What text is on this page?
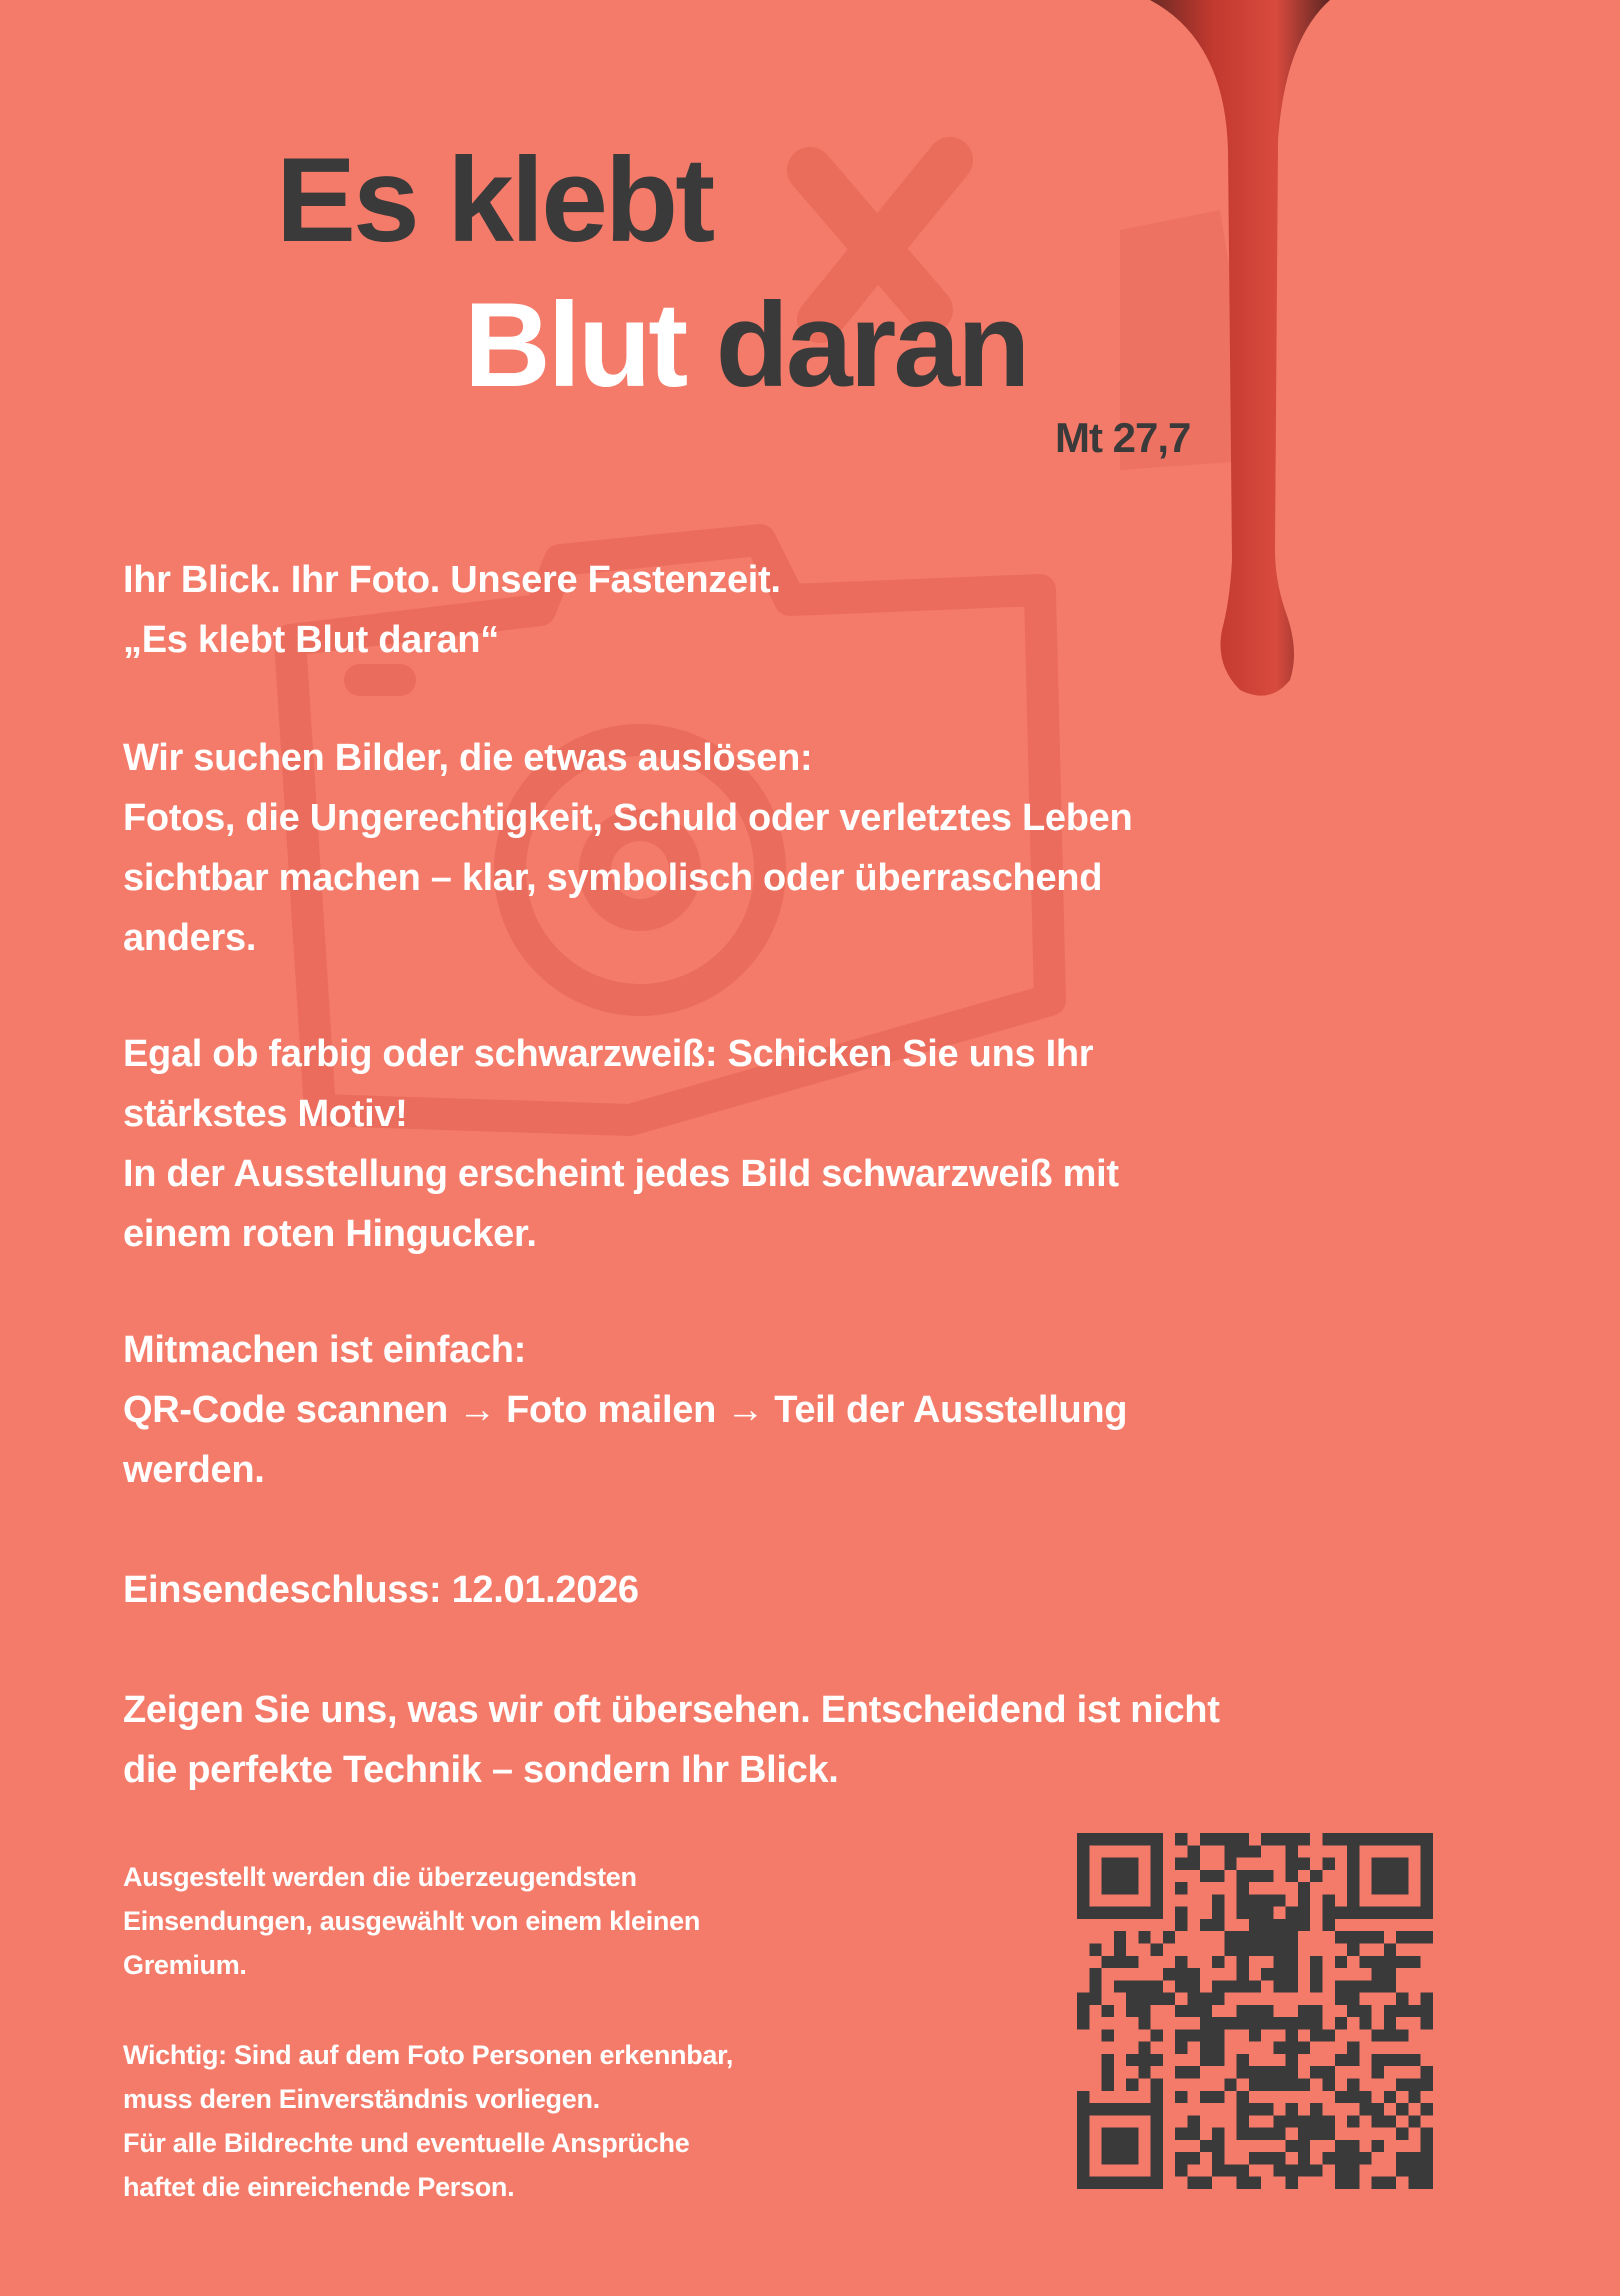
Es klebt
Blut daran
Mt 27,7
Ihr Blick. Ihr Foto. Unsere Fastenzeit.
„Es klebt Blut daran“
Wir suchen Bilder, die etwas auslösen:
Fotos, die Ungerechtigkeit, Schuld oder verletztes Leben
sichtbar machen – klar, symbolisch oder überraschend
anders.
Egal ob farbig oder schwarzweiß: Schicken Sie uns Ihr
stärkstes Motiv!
In der Ausstellung erscheint jedes Bild schwarzweiß mit
einem roten Hingucker.
Mitmachen ist einfach:
QR-Code scannen → Foto mailen → Teil der Ausstellung
werden.
Einsendeschluss: 12.01.2026
Zeigen Sie uns, was wir oft übersehen. Entscheidend ist nicht
die perfekte Technik – sondern Ihr Blick.
Ausgestellt werden die überzeugendsten
Einsendungen, ausgewählt von einem kleinen
Gremium.
Wichtig: Sind auf dem Foto Personen erkennbar,
muss deren Einverständnis vorliegen.
Für alle Bildrechte und eventuelle Ansprüche
haftet die einreichende Person.
